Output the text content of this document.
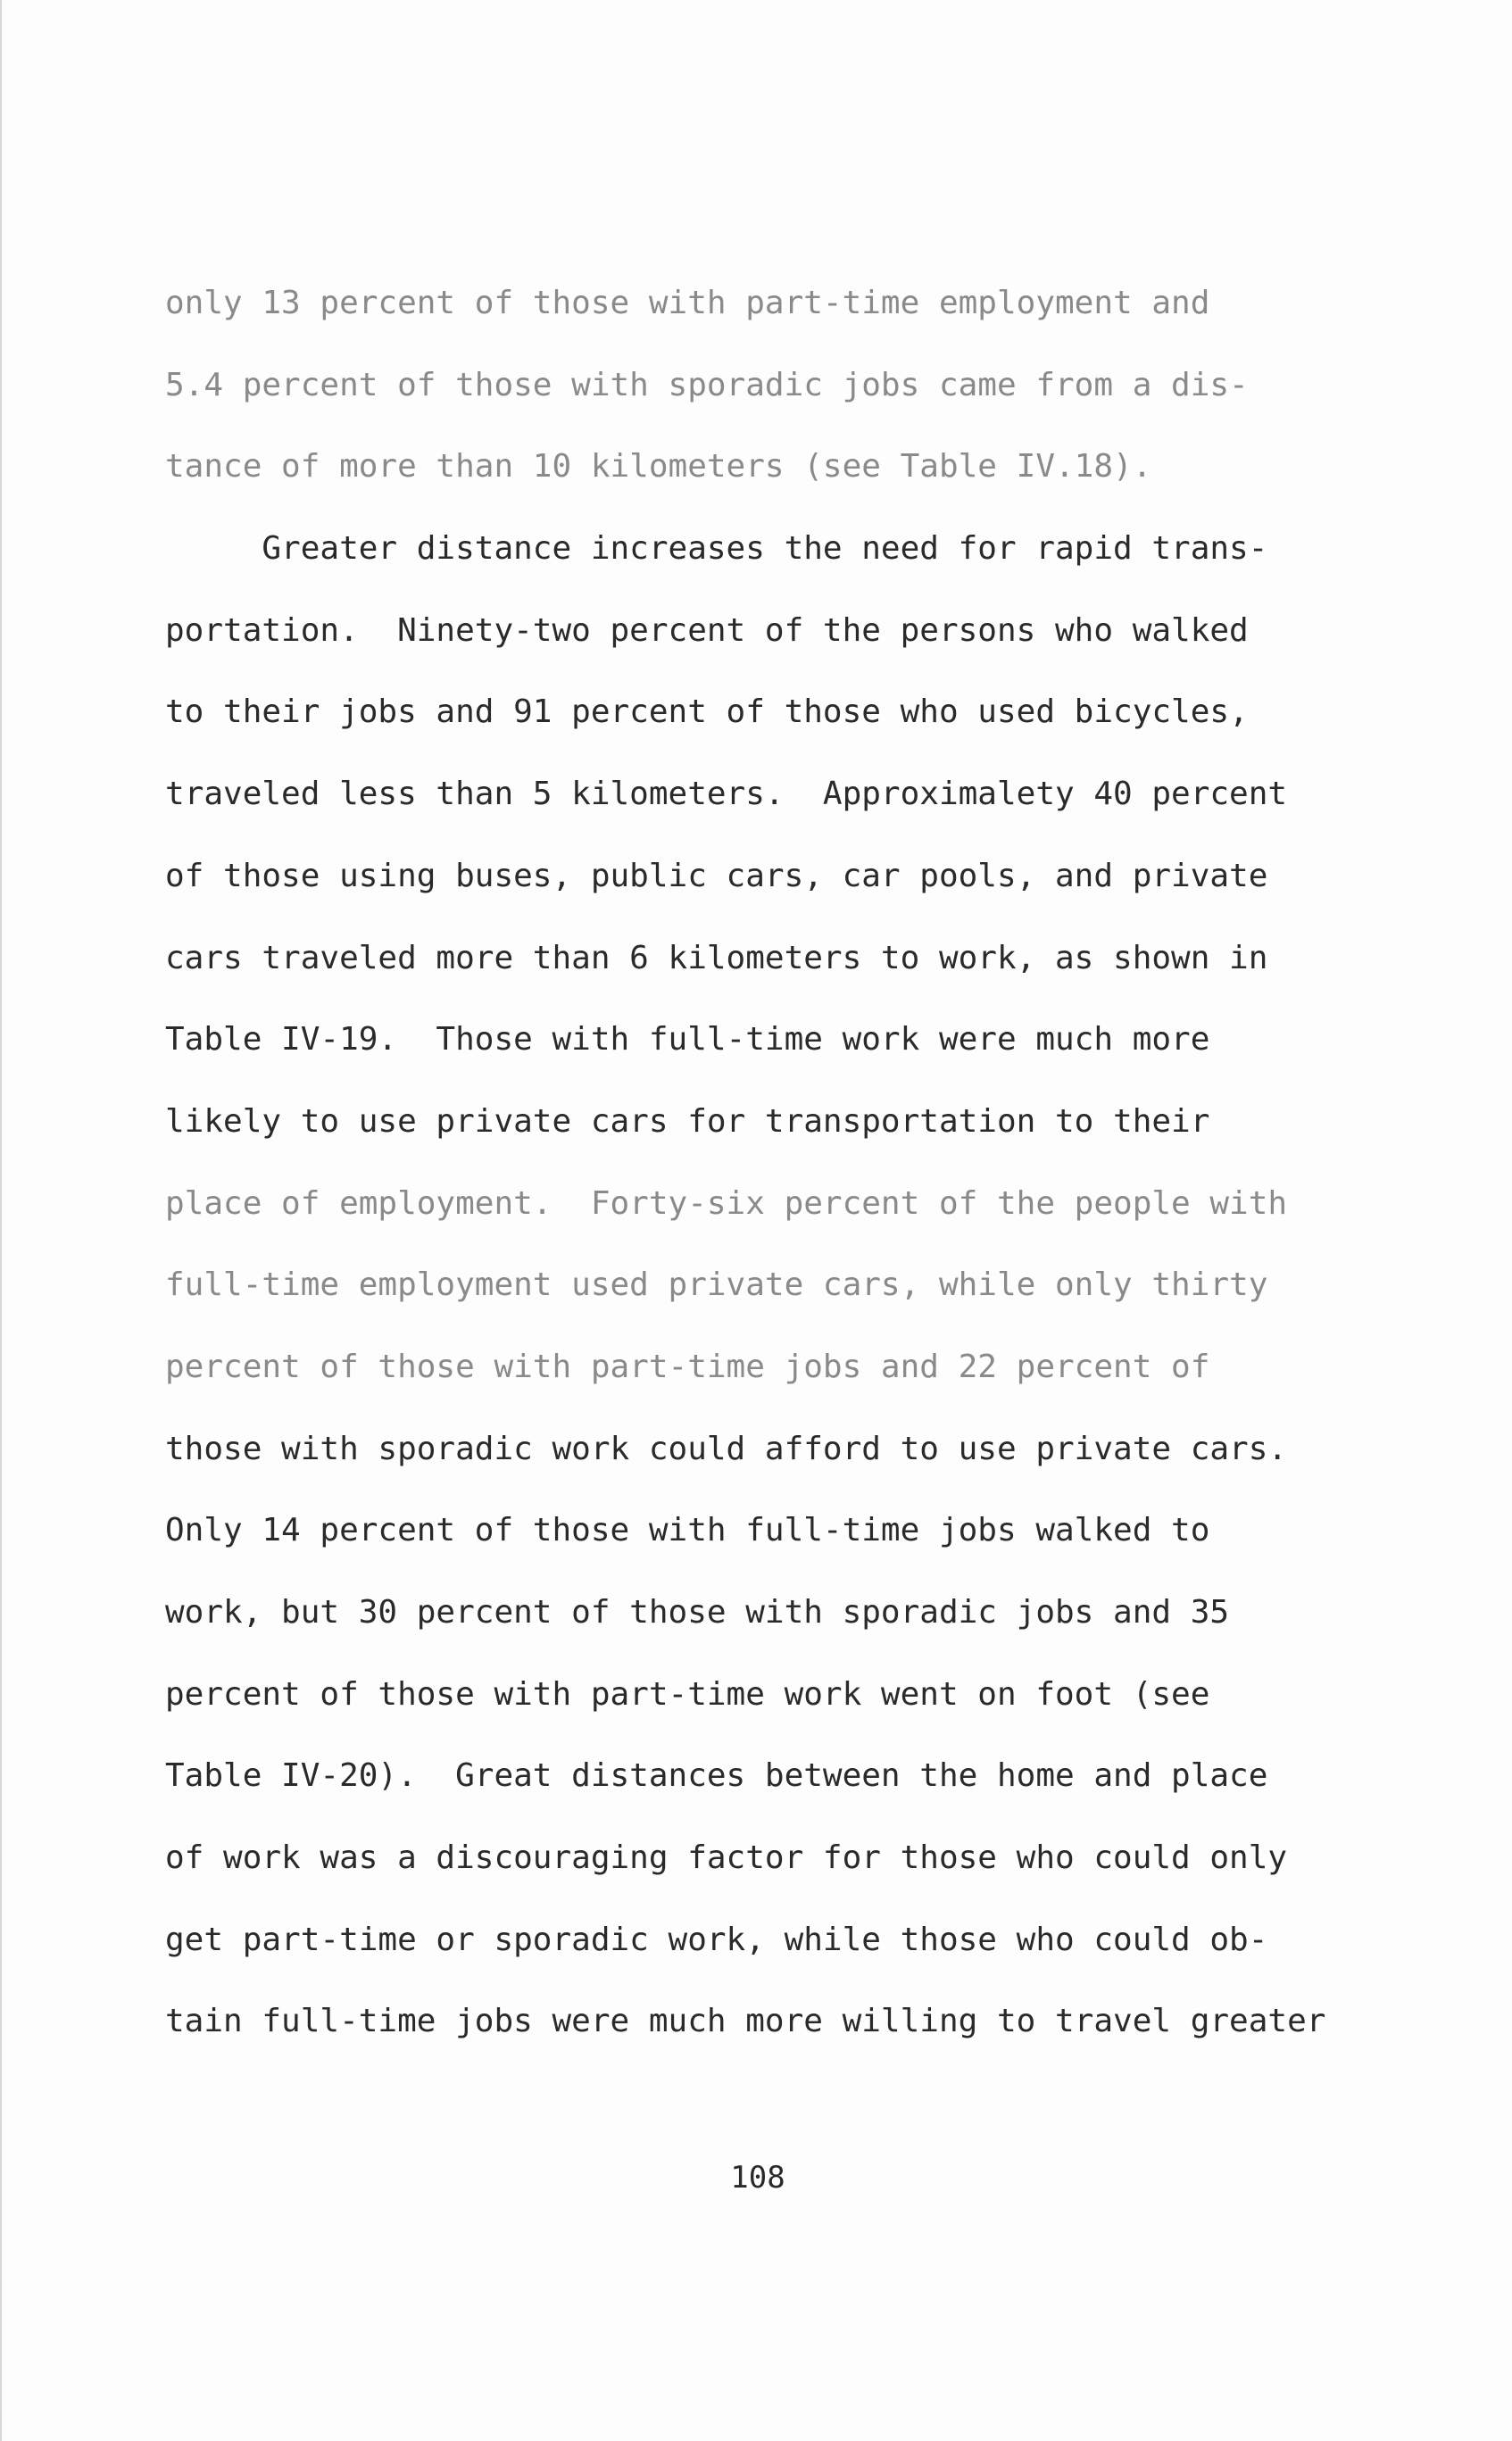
only 13 percent of those with part-time employment and
5.4 percent of those with sporadic jobs came from a dis-
tance of more than 10 kilometers (see Table IV.18).
Greater distance increases the need for rapid trans-
portation.  Ninety-two percent of the persons who walked
to their jobs and 91 percent of those who used bicycles,
traveled less than 5 kilometers.  Approximalety 40 percent
of those using buses, public cars, car pools, and private
cars traveled more than 6 kilometers to work, as shown in
Table IV-19.  Those with full-time work were much more
likely to use private cars for transportation to their
place of employment.  Forty-six percent of the people with
full-time employment used private cars, while only thirty
percent of those with part-time jobs and 22 percent of
those with sporadic work could afford to use private cars.
Only 14 percent of those with full-time jobs walked to
work, but 30 percent of those with sporadic jobs and 35
percent of those with part-time work went on foot (see
Table IV-20).  Great distances between the home and place
of work was a discouraging factor for those who could only
get part-time or sporadic work, while those who could ob-
tain full-time jobs were much more willing to travel greater
108
